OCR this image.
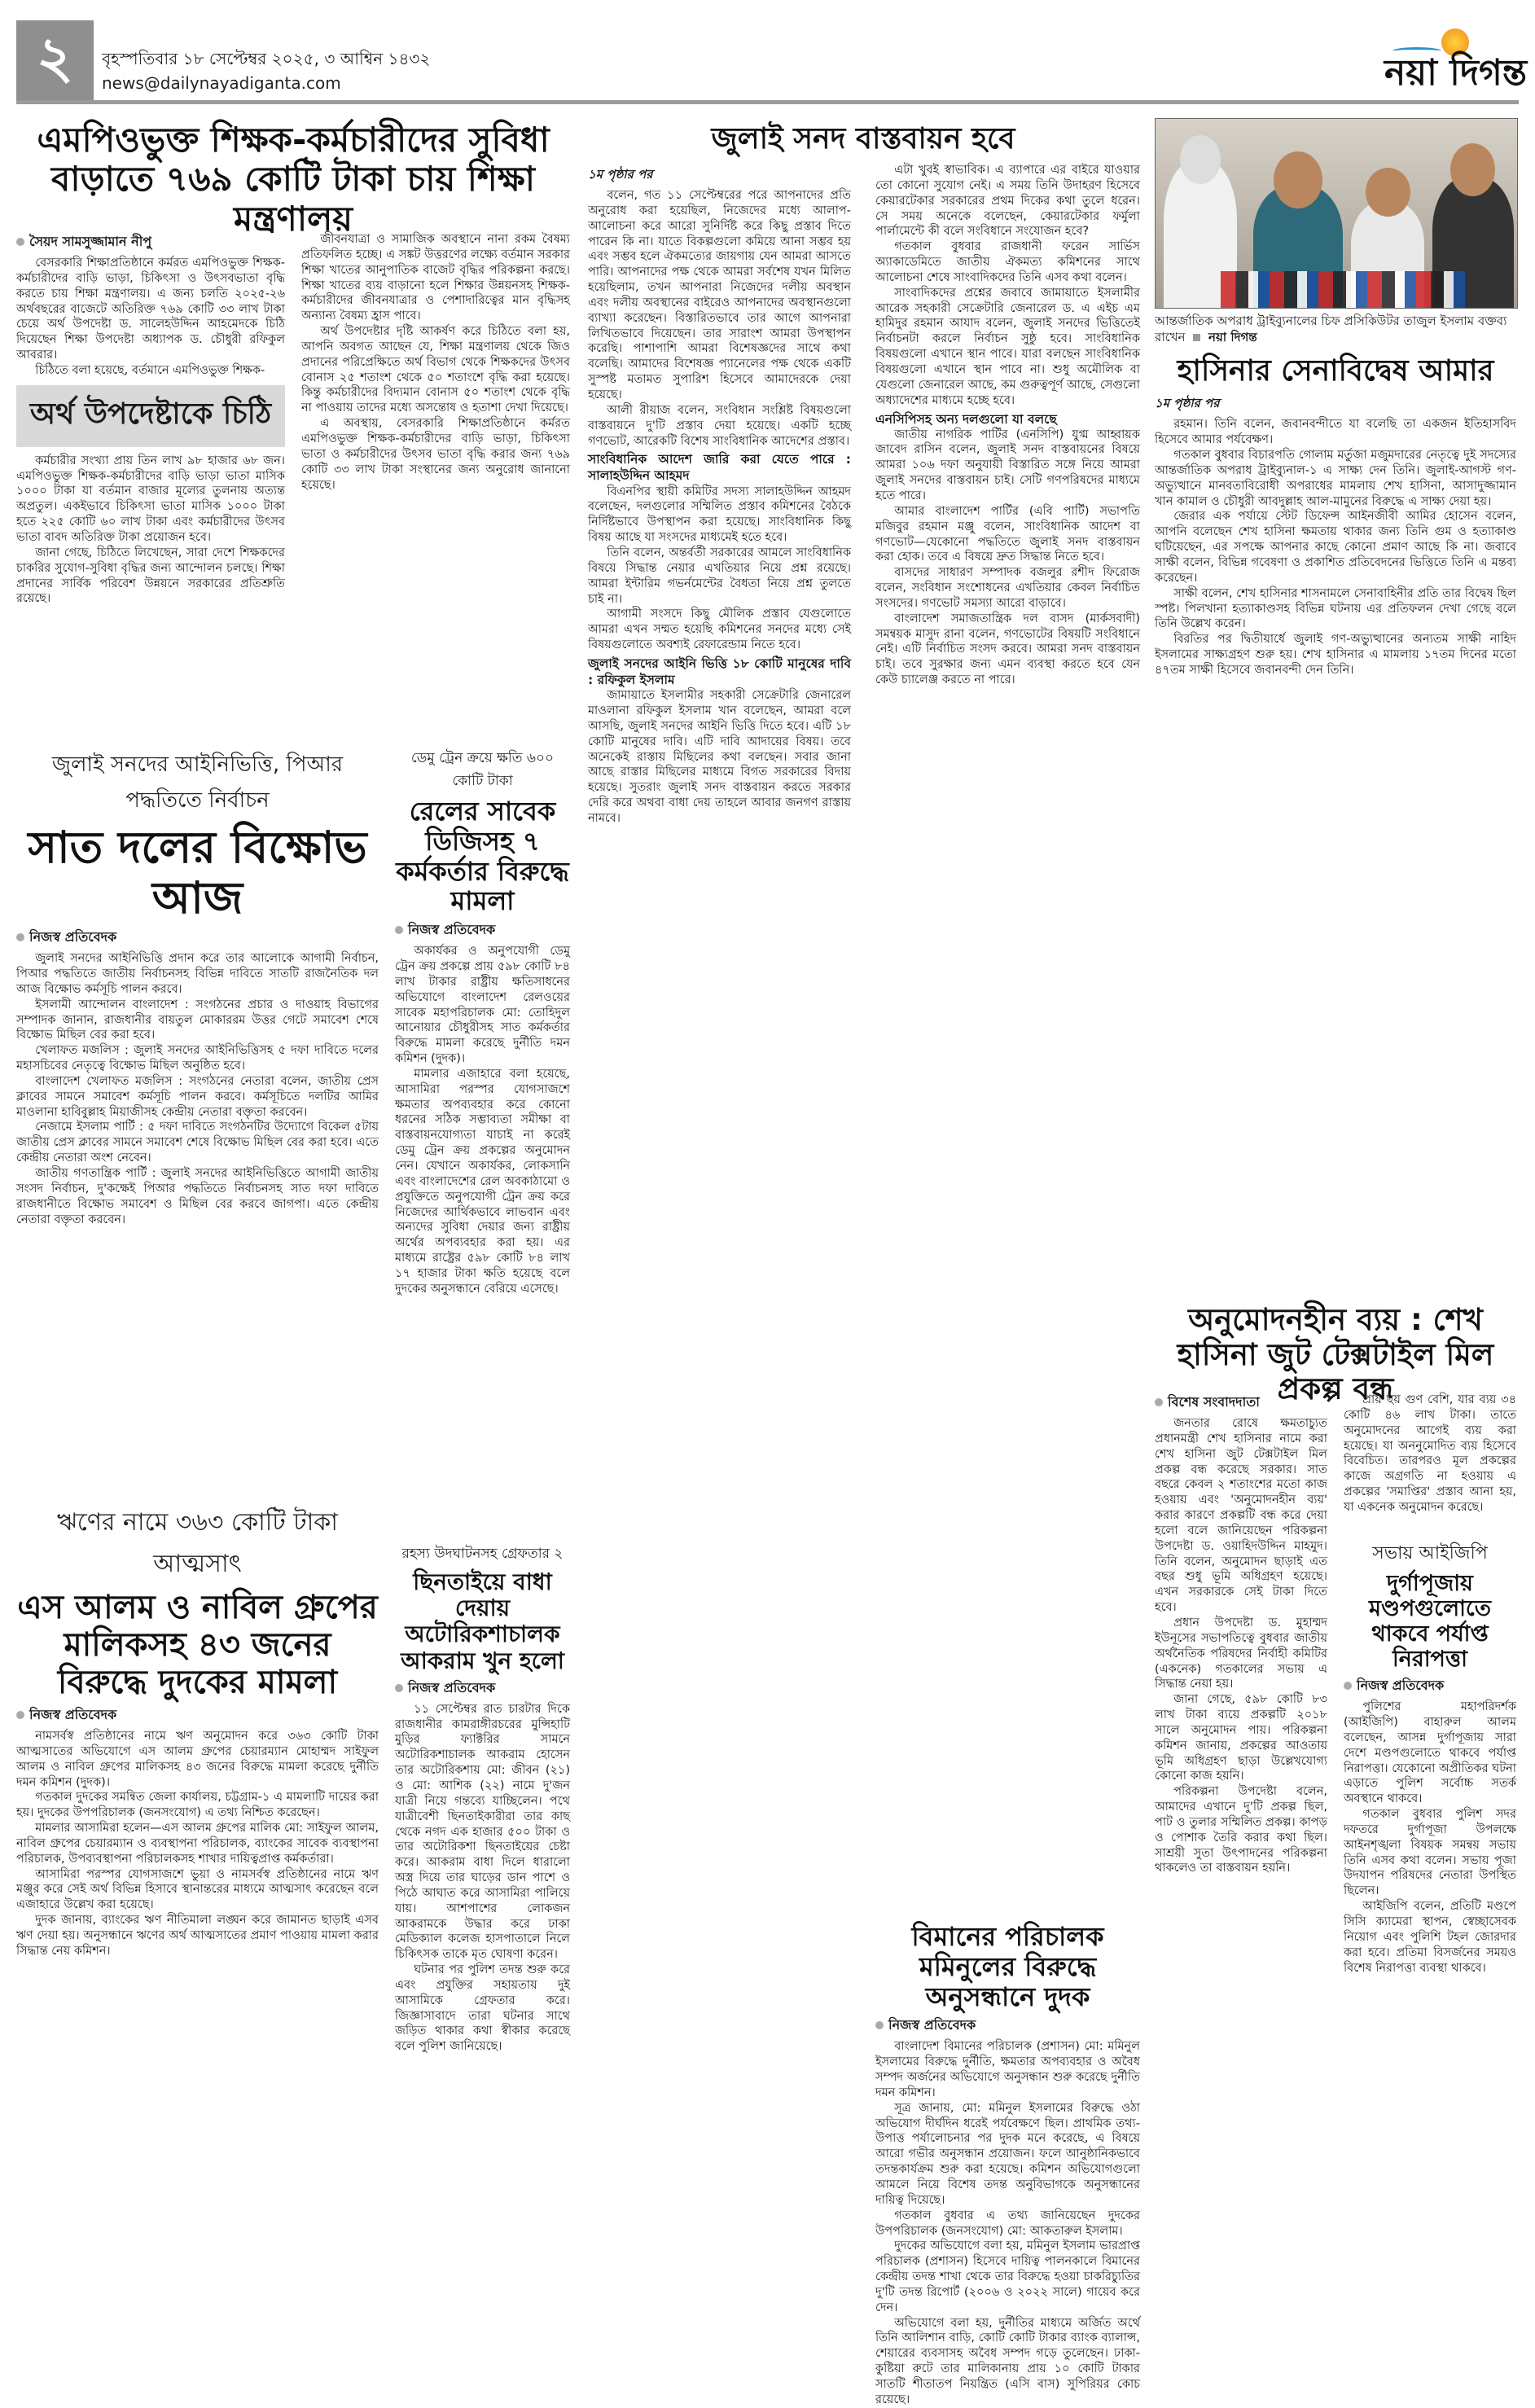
২	বৃহস্পতিবার ১৮ সেপ্টেম্বর ২০২৫, ৩ আশ্বিন ১৪৩২
news@dailynayadiganta.com	নয়া দিগন্ত
এমপিওভুক্ত শিক্ষক-কর্মচারীদের সুবিধা বাড়াতে ৭৬৯ কোটি টাকা চায় শিক্ষা মন্ত্রণালয়
সৈয়দ সামসুজ্জামান নীপু

বেসরকারি শিক্ষাপ্রতিষ্ঠানে কর্মরত এমপিওভুক্ত শিক্ষক-কর্মচারীদের বাড়ি ভাড়া, চিকিৎসা ও উৎসবভাতা বৃদ্ধি করতে চায় শিক্ষা মন্ত্রণালয়। এ জন্য চলতি ২০২৫-২৬ অর্থবছরের বাজেটে অতিরিক্ত ৭৬৯ কোটি ৩৩ লাখ টাকা চেয়ে অর্থ উপদেষ্টা ড. সালেহউদ্দিন আহমেদকে চিঠি দিয়েছেন শিক্ষা উপদেষ্টা অধ্যাপক ড. চৌধুরী রফিকুল আবরার।

চিঠিতে বলা হয়েছে, বর্তমানে এমপিওভুক্ত শিক্ষক-

অর্থ উপদেষ্টাকে চিঠি

কর্মচারীর সংখ্যা প্রায় তিন লাখ ৯৮ হাজার ৬৮ জন। এমপিওভুক্ত শিক্ষক-কর্মচারীদের বাড়ি ভাড়া ভাতা মাসিক ১০০০ টাকা যা বর্তমান বাজার মূল্যের তুলনায় অত্যন্ত অপ্রতুল। একইভাবে চিকিৎসা ভাতা মাসিক ১০০০ টাকা হতে ২২৫ কোটি ৬০ লাখ টাকা এবং কর্মচারীদের উৎসব ভাতা বাবদ অতিরিক্ত টাকা প্রয়োজন হবে।

জানা গেছে, চিঠিতে লিখেছেন, সারা দেশে শিক্ষকদের চাকরির সুযোগ-সুবিধা বৃদ্ধির জন্য আন্দোলন চলছে। শিক্ষা প্রদানের সার্বিক পরিবেশ উন্নয়নে সরকারের প্রতিশ্রুতি রয়েছে।

জীবনযাত্রা ও সামাজিক অবস্থানে নানা রকম বৈষম্য প্রতিফলিত হচ্ছে। এ সঙ্কট উত্তরণের লক্ষ্যে বর্তমান সরকার শিক্ষা খাতের আনুপাতিক বাজেট বৃদ্ধির পরিকল্পনা করছে। শিক্ষা খাতের ব্যয় বাড়ানো হলে শিক্ষার উন্নয়নসহ শিক্ষক-কর্মচারীদের জীবনযাত্রার ও পেশাদারিত্বের মান বৃদ্ধিসহ অন্যান্য বৈষম্য হ্রাস পাবে।

অর্থ উপদেষ্টার দৃষ্টি আকর্ষণ করে চিঠিতে বলা হয়, আপনি অবগত আছেন যে, শিক্ষা মন্ত্রণালয় থেকে জিও প্রদানের পরিপ্রেক্ষিতে অর্থ বিভাগ থেকে শিক্ষকদের উৎসব বোনাস ২৫ শতাংশ থেকে ৫০ শতাংশে বৃদ্ধি করা হয়েছে। কিন্তু কর্মচারীদের বিদ্যমান বোনাস ৫০ শতাংশ থেকে বৃদ্ধি না পাওয়ায় তাদের মধ্যে অসন্তোষ ও হতাশা দেখা দিয়েছে।

এ অবস্থায়, বেসরকারি শিক্ষাপ্রতিষ্ঠানে কর্মরত এমপিওভুক্ত শিক্ষক-কর্মচারীদের বাড়ি ভাড়া, চিকিৎসা ভাতা ও কর্মচারীদের উৎসব ভাতা বৃদ্ধি করার জন্য ৭৬৯ কোটি ৩৩ লাখ টাকা সংস্থানের জন্য অনুরোধ জানানো হয়েছে।

জুলাই সনদের আইনিভিত্তি, পিআর পদ্ধতিতে নির্বাচন
সাত দলের বিক্ষোভ আজ
নিজস্ব প্রতিবেদক

জুলাই সনদের আইনিভিত্তি প্রদান করে তার আলোকে আগামী নির্বাচন, পিআর পদ্ধতিতে জাতীয় নির্বাচনসহ বিভিন্ন দাবিতে সাতটি রাজনৈতিক দল আজ বিক্ষোভ কর্মসূচি পালন করবে।

ইসলামী আন্দোলন বাংলাদেশ : সংগঠনের প্রচার ও দাওয়াহ বিভাগের সম্পাদক জানান, রাজধানীর বায়তুল মোকাররম উত্তর গেটে সমাবেশ শেষে বিক্ষোভ মিছিল বের করা হবে।

খেলাফত মজলিস : জুলাই সনদের আইনিভিত্তিসহ ৫ দফা দাবিতে দলের মহাসচিবের নেতৃত্বে বিক্ষোভ মিছিল অনুষ্ঠিত হবে।

বাংলাদেশ খেলাফত মজলিস : সংগঠনের নেতারা বলেন, জাতীয় প্রেস ক্লাবের সামনে সমাবেশ কর্মসূচি পালন করবে। কর্মসূচিতে দলটির আমির মাওলানা হাবিবুল্লাহ মিয়াজীসহ কেন্দ্রীয় নেতারা বক্তৃতা করবেন।

নেজামে ইসলাম পার্টি : ৫ দফা দাবিতে সংগঠনটির উদ্যোগে বিকেল ৫টায় জাতীয় প্রেস ক্লাবের সামনে সমাবেশ শেষে বিক্ষোভ মিছিল বের করা হবে। এতে কেন্দ্রীয় নেতারা অংশ নেবেন।

জাতীয় গণতান্ত্রিক পার্টি : জুলাই সনদের আইনিভিত্তিতে আগামী জাতীয় সংসদ নির্বাচন, দু'কক্ষেই পিআর পদ্ধতিতে নির্বাচনসহ সাত দফা দাবিতে রাজধানীতে বিক্ষোভ সমাবেশ ও মিছিল বের করবে জাগপা। এতে কেন্দ্রীয় নেতারা বক্তৃতা করবেন।

ডেমু ট্রেন ক্রয়ে ক্ষতি ৬০০ কোটি টাকা
রেলের সাবেক ডিজিসহ ৭ কর্মকর্তার বিরুদ্ধে মামলা
নিজস্ব প্রতিবেদক

অকার্যকর ও অনুপযোগী ডেমু ট্রেন ক্রয় প্রকল্পে প্রায় ৫৯৮ কোটি ৮৪ লাখ টাকার রাষ্ট্রীয় ক্ষতিসাধনের অভিযোগে বাংলাদেশ রেলওয়ের সাবেক মহাপরিচালক মো: তোহিদুল আনোয়ার চৌধুরীসহ সাত কর্মকর্তার বিরুদ্ধে মামলা করেছে দুর্নীতি দমন কমিশন (দুদক)।

মামলার এজাহারে বলা হয়েছে, আসামিরা পরস্পর যোগসাজশে ক্ষমতার অপব্যবহার করে কোনো ধরনের সঠিক সম্ভাব্যতা সমীক্ষা বা বাস্তবায়নযোগ্যতা যাচাই না করেই ডেমু ট্রেন ক্রয় প্রকল্পের অনুমোদন নেন। যেখানে অকার্যকর, লোকসানি এবং বাংলাদেশের রেল অবকাঠামো ও প্রযুক্তিতে অনুপযোগী ট্রেন ক্রয় করে নিজেদের আর্থিকভাবে লাভবান এবং অন্যদের সুবিধা দেয়ার জন্য রাষ্ট্রীয় অর্থের অপব্যবহার করা হয়। এর মাধ্যমে রাষ্ট্রের ৫৯৮ কোটি ৮৪ লাখ ১৭ হাজার টাকা ক্ষতি হয়েছে বলে দুদকের অনুসন্ধানে বেরিয়ে এসেছে।

ঋণের নামে ৩৬৩ কোটি টাকা আত্মসাৎ
এস আলম ও নাবিল গ্রুপের মালিকসহ ৪৩ জনের বিরুদ্ধে দুদকের মামলা
নিজস্ব প্রতিবেদক

নামসর্বস্ব প্রতিষ্ঠানের নামে ঋণ অনুমোদন করে ৩৬৩ কোটি টাকা আত্মসাতের অভিযোগে এস আলম গ্রুপের চেয়ারম্যান মোহাম্মদ সাইফুল আলম ও নাবিল গ্রুপের মালিকসহ ৪৩ জনের বিরুদ্ধে মামলা করেছে দুর্নীতি দমন কমিশন (দুদক)।

গতকাল দুদকের সমন্বিত জেলা কার্যালয়, চট্টগ্রাম-১ এ মামলাটি দায়ের করা হয়। দুদকের উপপরিচালক (জনসংযোগ) এ তথ্য নিশ্চিত করেছেন।

মামলার আসামিরা হলেন—এস আলম গ্রুপের মালিক মো: সাইফুল আলম, নাবিল গ্রুপের চেয়ারম্যান ও ব্যবস্থাপনা পরিচালক, ব্যাংকের সাবেক ব্যবস্থাপনা পরিচালক, উপব্যবস্থাপনা পরিচালকসহ শাখার দায়িত্বপ্রাপ্ত কর্মকর্তারা।

আসামিরা পরস্পর যোগসাজশে ভুয়া ও নামসর্বস্ব প্রতিষ্ঠানের নামে ঋণ মঞ্জুর করে সেই অর্থ বিভিন্ন হিসাবে স্থানান্তরের মাধ্যমে আত্মসাৎ করেছেন বলে এজাহারে উল্লেখ করা হয়েছে।

দুদক জানায়, ব্যাংকের ঋণ নীতিমালা লঙ্ঘন করে জামানত ছাড়াই এসব ঋণ দেয়া হয়। অনুসন্ধানে ঋণের অর্থ আত্মসাতের প্রমাণ পাওয়ায় মামলা করার সিদ্ধান্ত নেয় কমিশন।

রহস্য উদঘাটনসহ গ্রেফতার ২
ছিনতাইয়ে বাধা দেয়ায় অটোরিকশাচালক আকরাম খুন হলো
নিজস্ব প্রতিবেদক

১১ সেপ্টেম্বর রাত চারটার দিকে রাজধানীর কামরাঙ্গীরচরের মুন্সিহাটি মুড়ির ফ্যাক্টরির সামনে অটোরিকশাচালক আকরাম হোসেন তার অটোরিকশায় মো: জীবন (২১) ও মো: আশিক (২২) নামে দু'জন যাত্রী নিয়ে গন্তব্যে যাচ্ছিলেন। পথে যাত্রীবেশী ছিনতাইকারীরা তার কাছ থেকে নগদ এক হাজার ৫০০ টাকা ও তার অটোরিকশা ছিনতাইয়ের চেষ্টা করে। আকরাম বাধা দিলে ধারালো অস্ত্র দিয়ে তার ঘাড়ের ডান পাশে ও পিঠে আঘাত করে আসামিরা পালিয়ে যায়। আশপাশের লোকজন আকরামকে উদ্ধার করে ঢাকা মেডিক্যাল কলেজ হাসপাতালে নিলে চিকিৎসক তাকে মৃত ঘোষণা করেন।

ঘটনার পর পুলিশ তদন্ত শুরু করে এবং প্রযুক্তির সহায়তায় দুই আসামিকে গ্রেফতার করে। জিজ্ঞাসাবাদে তারা ঘটনার সাথে জড়িত থাকার কথা স্বীকার করেছে বলে পুলিশ জানিয়েছে।

জুলাই সনদ বাস্তবায়ন হবে
১ম পৃষ্ঠার পর

বলেন, গত ১১ সেপ্টেম্বরের পরে আপনাদের প্রতি অনুরোধ করা হয়েছিল, নিজেদের মধ্যে আলাপ-আলোচনা করে আরো সুনির্দিষ্ট করে কিছু প্রস্তাব দিতে পারেন কি না। যাতে বিকল্পগুলো কমিয়ে আনা সম্ভব হয় এবং সম্ভব হলে ঐকমত্যের জায়গায় যেন আমরা আসতে পারি। আপনাদের পক্ষ থেকে আমরা সর্বশেষ যখন মিলিত হয়েছিলাম, তখন আপনারা নিজেদের দলীয় অবস্থান এবং দলীয় অবস্থানের বাইরেও আপনাদের অবস্থানগুলো ব্যাখ্যা করেছেন। বিস্তারিতভাবে তার আগে আপনারা লিখিতভাবে দিয়েছেন। তার সারাংশ আমরা উপস্থাপন করেছি। পাশাপাশি আমরা বিশেষজ্ঞদের সাথে কথা বলেছি। আমাদের বিশেষজ্ঞ প্যানেলের পক্ষ থেকে একটি সুস্পষ্ট মতামত সুপারিশ হিসেবে আমাদেরকে দেয়া হয়েছে।

আলী রীয়াজ বলেন, সংবিধান সংশ্লিষ্ট বিষয়গুলো বাস্তবায়নে দু'টি প্রস্তাব দেয়া হয়েছে। একটি হচ্ছে গণভোট, আরেকটি বিশেষ সাংবিধানিক আদেশের প্রস্তাব।

সাংবিধানিক আদেশ জারি করা যেতে পারে : সালাহউদ্দিন আহমদ

বিএনপির স্থায়ী কমিটির সদস্য সালাহউদ্দিন আহমদ বলেছেন, দলগুলোর সম্মিলিত প্রস্তাব কমিশনের বৈঠকে নির্দিষ্টভাবে উপস্থাপন করা হয়েছে। সাংবিধানিক কিছু বিষয় আছে যা সংসদের মাধ্যমেই হতে হবে।

তিনি বলেন, অন্তর্বর্তী সরকারের আমলে সাংবিধানিক বিষয়ে সিদ্ধান্ত নেয়ার এখতিয়ার নিয়ে প্রশ্ন রয়েছে। আমরা ইন্টারিম গভর্নমেন্টের বৈধতা নিয়ে প্রশ্ন তুলতে চাই না।

আগামী সংসদে কিছু মৌলিক প্রস্তাব যেগুলোতে আমরা এখন সম্মত হয়েছি কমিশনের সনদের মধ্যে সেই বিষয়গুলোতে অবশ্যই রেফারেন্ডাম নিতে হবে।

জুলাই সনদের আইনি ভিত্তি ১৮ কোটি মানুষের দাবি : রফিকুল ইসলাম

জামায়াতে ইসলামীর সহকারী সেক্রেটারি জেনারেল মাওলানা রফিকুল ইসলাম খান বলেছেন, আমরা বলে আসছি, জুলাই সনদের আইনি ভিত্তি দিতে হবে। এটি ১৮ কোটি মানুষের দাবি। এটি দাবি আদায়ের বিষয়। তবে অনেকেই রাস্তায় মিছিলের কথা বলছেন। সবার জানা আছে রাস্তার মিছিলের মাধ্যমে বিগত সরকারের বিদায় হয়েছে। সুতরাং জুলাই সনদ বাস্তবায়ন করতে সরকার দেরি করে অথবা বাধা দেয় তাহলে আবার জনগণ রাস্তায় নামবে।

এটা খুবই স্বাভাবিক। এ ব্যাপারে এর বাইরে যাওয়ার তো কোনো সুযোগ নেই। এ সময় তিনি উদাহরণ হিসেবে কেয়ারটেকার সরকারের প্রথম দিকের কথা তুলে ধরেন। সে সময় অনেকে বলেছেন, কেয়ারটেকার ফর্মুলা পার্লামেন্টে কী বলে সংবিধানে সংযোজন হবে?

গতকাল বুধবার রাজধানী ফরেন সার্ভিস অ্যাকাডেমিতে জাতীয় ঐকমত্য কমিশনের সাথে আলোচনা শেষে সাংবাদিকদের তিনি এসব কথা বলেন।

সাংবাদিকদের প্রশ্নের জবাবে জামায়াতে ইসলামীর আরেক সহকারী সেক্রেটারি জেনারেল ড. এ এইচ এম হামিদুর রহমান আযাদ বলেন, জুলাই সনদের ভিত্তিতেই নির্বাচনটা করলে নির্বাচন সুষ্ঠু হবে। সাংবিধানিক বিষয়গুলো এখানে স্থান পাবে। যারা বলছেন সাংবিধানিক বিষয়গুলো এখানে স্থান পাবে না। শুধু অমৌলিক বা যেগুলো জেনারেল আছে, কম গুরুত্বপূর্ণ আছে, সেগুলো অধ্যাদেশের মাধ্যমে হচ্ছে হবে।

এনসিপিসহ অন্য দলগুলো যা বলছে

জাতীয় নাগরিক পার্টির (এনসিপি) যুগ্ম আহ্বায়ক জাবেদ রাসিন বলেন, জুলাই সনদ বাস্তবায়নের বিষয়ে আমরা ১০৬ দফা অনুযায়ী বিস্তারিত সঙ্গে নিয়ে আমরা জুলাই সনদের বাস্তবায়ন চাই। সেটি গণপরিষদের মাধ্যমে হতে পারে।

আমার বাংলাদেশ পার্টির (এবি পার্টি) সভাপতি মজিবুর রহমান মঞ্জু বলেন, সাংবিধানিক আদেশ বা গণভোট—যেকোনো পদ্ধতিতে জুলাই সনদ বাস্তবায়ন করা হোক। তবে এ বিষয়ে দ্রুত সিদ্ধান্ত নিতে হবে।

বাসদের সাধারণ সম্পাদক বজলুর রশীদ ফিরোজ বলেন, সংবিধান সংশোধনের এখতিয়ার কেবল নির্বাচিত সংসদের। গণভোট সমস্যা আরো বাড়াবে।

বাংলাদেশ সমাজতান্ত্রিক দল বাসদ (মার্কসবাদী) সমন্বয়ক মাসুদ রানা বলেন, গণভোটের বিষয়টি সংবিধানে নেই। এটি নির্বাচিত সংসদ করবে। আমরা সনদ বাস্তবায়ন চাই। তবে সুরক্ষার জন্য এমন ব্যবস্থা করতে হবে যেন কেউ চ্যালেঞ্জ করতে না পারে।

বিমানের পরিচালক মমিনুলের বিরুদ্ধে অনুসন্ধানে দুদক
নিজস্ব প্রতিবেদক

বাংলাদেশ বিমানের পরিচালক (প্রশাসন) মো: মমিনুল ইসলামের বিরুদ্ধে দুর্নীতি, ক্ষমতার অপব্যবহার ও অবৈধ সম্পদ অর্জনের অভিযোগে অনুসন্ধান শুরু করেছে দুর্নীতি দমন কমিশন।

সূত্র জানায়, মো: মমিনুল ইসলামের বিরুদ্ধে ওঠা অভিযোগ দীর্ঘদিন ধরেই পর্যবেক্ষণে ছিল। প্রাথমিক তথ্য-উপাত্ত পর্যালোচনার পর দুদক মনে করেছে, এ বিষয়ে আরো গভীর অনুসন্ধান প্রয়োজন। ফলে আনুষ্ঠানিকভাবে তদন্তকার্যক্রম শুরু করা হয়েছে। কমিশন অভিযোগগুলো আমলে নিয়ে বিশেষ তদন্ত অনুবিভাগকে অনুসন্ধানের দায়িত্ব দিয়েছে।

গতকাল বুধবার এ তথ্য জানিয়েছেন দুদকের উপপরিচালক (জনসংযোগ) মো: আকতারুল ইসলাম।

দুদকের অভিযোগে বলা হয়, মমিনুল ইসলাম ভারপ্রাপ্ত পরিচালক (প্রশাসন) হিসেবে দায়িত্ব পালনকালে বিমানের কেন্দ্রীয় তদন্ত শাখা থেকে তার বিরুদ্ধে হওয়া চাকরিচ্যুতির দু'টি তদন্ত রিপোর্ট (২০০৬ ও ২০২২ সালে) গায়েব করে দেন।

অভিযোগে বলা হয়, দুর্নীতির মাধ্যমে অর্জিত অর্থে তিনি আলিশান বাড়ি, কোটি কোটি টাকার ব্যাংক ব্যালান্স, শেয়ারের ব্যবসাসহ অবৈধ সম্পদ গড়ে তুলেছেন। ঢাকা-কুষ্টিয়া রুটে তার মালিকানায় প্রায় ১০ কোটি টাকার সাতটি শীতাতপ নিয়ন্ত্রিত (এসি বাস) সুপিরিয়র কোচ রয়েছে।

আন্তর্জাতিক অপরাধ ট্রাইব্যুনালের চিফ প্রসিকিউটর তাজুল ইসলাম বক্তব্য রাখেন নয়া দিগন্ত
হাসিনার সেনাবিদ্বেষ আমার
১ম পৃষ্ঠার পর

রহমান। তিনি বলেন, জবানবন্দীতে যা বলেছি তা একজন ইতিহাসবিদ হিসেবে আমার পর্যবেক্ষণ।

গতকাল বুধবার বিচারপতি গোলাম মর্তুজা মজুমদারের নেতৃত্বে দুই সদস্যের আন্তর্জাতিক অপরাধ ট্রাইব্যুনাল-১ এ সাক্ষ্য দেন তিনি। জুলাই-আগস্ট গণ-অভ্যুত্থানে মানবতাবিরোধী অপরাধের মামলায় শেখ হাসিনা, আসাদুজ্জামান খান কামাল ও চৌধুরী আবদুল্লাহ আল-মামুনের বিরুদ্ধে এ সাক্ষ্য দেয়া হয়।

জেরার এক পর্যায়ে স্টেট ডিফেন্স আইনজীবী আমির হোসেন বলেন, আপনি বলেছেন শেখ হাসিনা ক্ষমতায় থাকার জন্য তিনি গুম ও হত্যাকাণ্ড ঘটিয়েছেন, এর সপক্ষে আপনার কাছে কোনো প্রমাণ আছে কি না। জবাবে সাক্ষী বলেন, বিভিন্ন গবেষণা ও প্রকাশিত প্রতিবেদনের ভিত্তিতে তিনি এ মন্তব্য করেছেন।

সাক্ষী বলেন, শেখ হাসিনার শাসনামলে সেনাবাহিনীর প্রতি তার বিদ্বেষ ছিল স্পষ্ট। পিলখানা হত্যাকাণ্ডসহ বিভিন্ন ঘটনায় এর প্রতিফলন দেখা গেছে বলে তিনি উল্লেখ করেন।

বিরতির পর দ্বিতীয়ার্ধে জুলাই গণ-অভ্যুত্থানের অন্যতম সাক্ষী নাহিদ ইসলামের সাক্ষ্যগ্রহণ শুরু হয়। শেখ হাসিনার এ মামলায় ১৭তম দিনের মতো ৪৭তম সাক্ষী হিসেবে জবানবন্দী দেন তিনি।

অনুমোদনহীন ব্যয় : শেখ হাসিনা জুট টেক্সটাইল মিল প্রকল্প বন্ধ
বিশেষ সংবাদদাতা

জনতার রোষে ক্ষমতাচ্যুত প্রধানমন্ত্রী শেখ হাসিনার নামে করা শেখ হাসিনা জুট টেক্সটাইল মিল প্রকল্প বন্ধ করেছে সরকার। সাত বছরে কেবল ২ শতাংশের মতো কাজ হওয়ায় এবং 'অনুমোদনহীন ব্যয়' করার কারণে প্রকল্পটি বন্ধ করে দেয়া হলো বলে জানিয়েছেন পরিকল্পনা উপদেষ্টা ড. ওয়াহিদউদ্দিন মাহমুদ। তিনি বলেন, অনুমোদন ছাড়াই এত বছর শুধু ভূমি অধিগ্রহণ হয়েছে। এখন সরকারকে সেই টাকা দিতে হবে।

প্রধান উপদেষ্টা ড. মুহাম্মদ ইউনূসের সভাপতিত্বে বুধবার জাতীয় অর্থনৈতিক পরিষদের নির্বাহী কমিটির (একনেক) গতকালের সভায় এ সিদ্ধান্ত নেয়া হয়।

জানা গেছে, ৫৯৮ কোটি ৮৩ লাখ টাকা ব্যয়ে প্রকল্পটি ২০১৮ সালে অনুমোদন পায়। পরিকল্পনা কমিশন জানায়, প্রকল্পের আওতায় ভূমি অধিগ্রহণ ছাড়া উল্লেখযোগ্য কোনো কাজ হয়নি।

পরিকল্পনা উপদেষ্টা বলেন, আমাদের এখানে দু'টি প্রকল্প ছিল, পাট ও তুলার সম্মিলিত প্রকল্প। কাপড় ও পোশাক তৈরি করার কথা ছিল। সাশ্রয়ী সুতা উৎপাদনের পরিকল্পনা থাকলেও তা বাস্তবায়ন হয়নি।

প্রায় ছয় গুণ বেশি, যার ব্যয় ৩৪ কোটি ৪৬ লাখ টাকা। তাতে অনুমোদনের আগেই ব্যয় করা হয়েছে। যা অননুমোদিত ব্যয় হিসেবে বিবেচিত। তারপরও মূল প্রকল্পের কাজে অগ্রগতি না হওয়ায় এ প্রকল্পের 'সমাপ্তির' প্রস্তাব আনা হয়, যা একনেক অনুমোদন করেছে।

সভায় আইজিপি
দুর্গাপূজায় মণ্ডপগুলোতে থাকবে পর্যাপ্ত নিরাপত্তা
নিজস্ব প্রতিবেদক

পুলিশের মহাপরিদর্শক (আইজিপি) বাহারুল আলম বলেছেন, আসন্ন দুর্গাপূজায় সারা দেশে মণ্ডপগুলোতে থাকবে পর্যাপ্ত নিরাপত্তা। যেকোনো অপ্রীতিকর ঘটনা এড়াতে পুলিশ সর্বোচ্চ সতর্ক অবস্থানে থাকবে।

গতকাল বুধবার পুলিশ সদর দফতরে দুর্গাপূজা উপলক্ষে আইনশৃঙ্খলা বিষয়ক সমন্বয় সভায় তিনি এসব কথা বলেন। সভায় পূজা উদযাপন পরিষদের নেতারা উপস্থিত ছিলেন।

আইজিপি বলেন, প্রতিটি মণ্ডপে সিসি ক্যামেরা স্থাপন, স্বেচ্ছাসেবক নিয়োগ এবং পুলিশি টহল জোরদার করা হবে। প্রতিমা বিসর্জনের সময়ও বিশেষ নিরাপত্তা ব্যবস্থা থাকবে।
